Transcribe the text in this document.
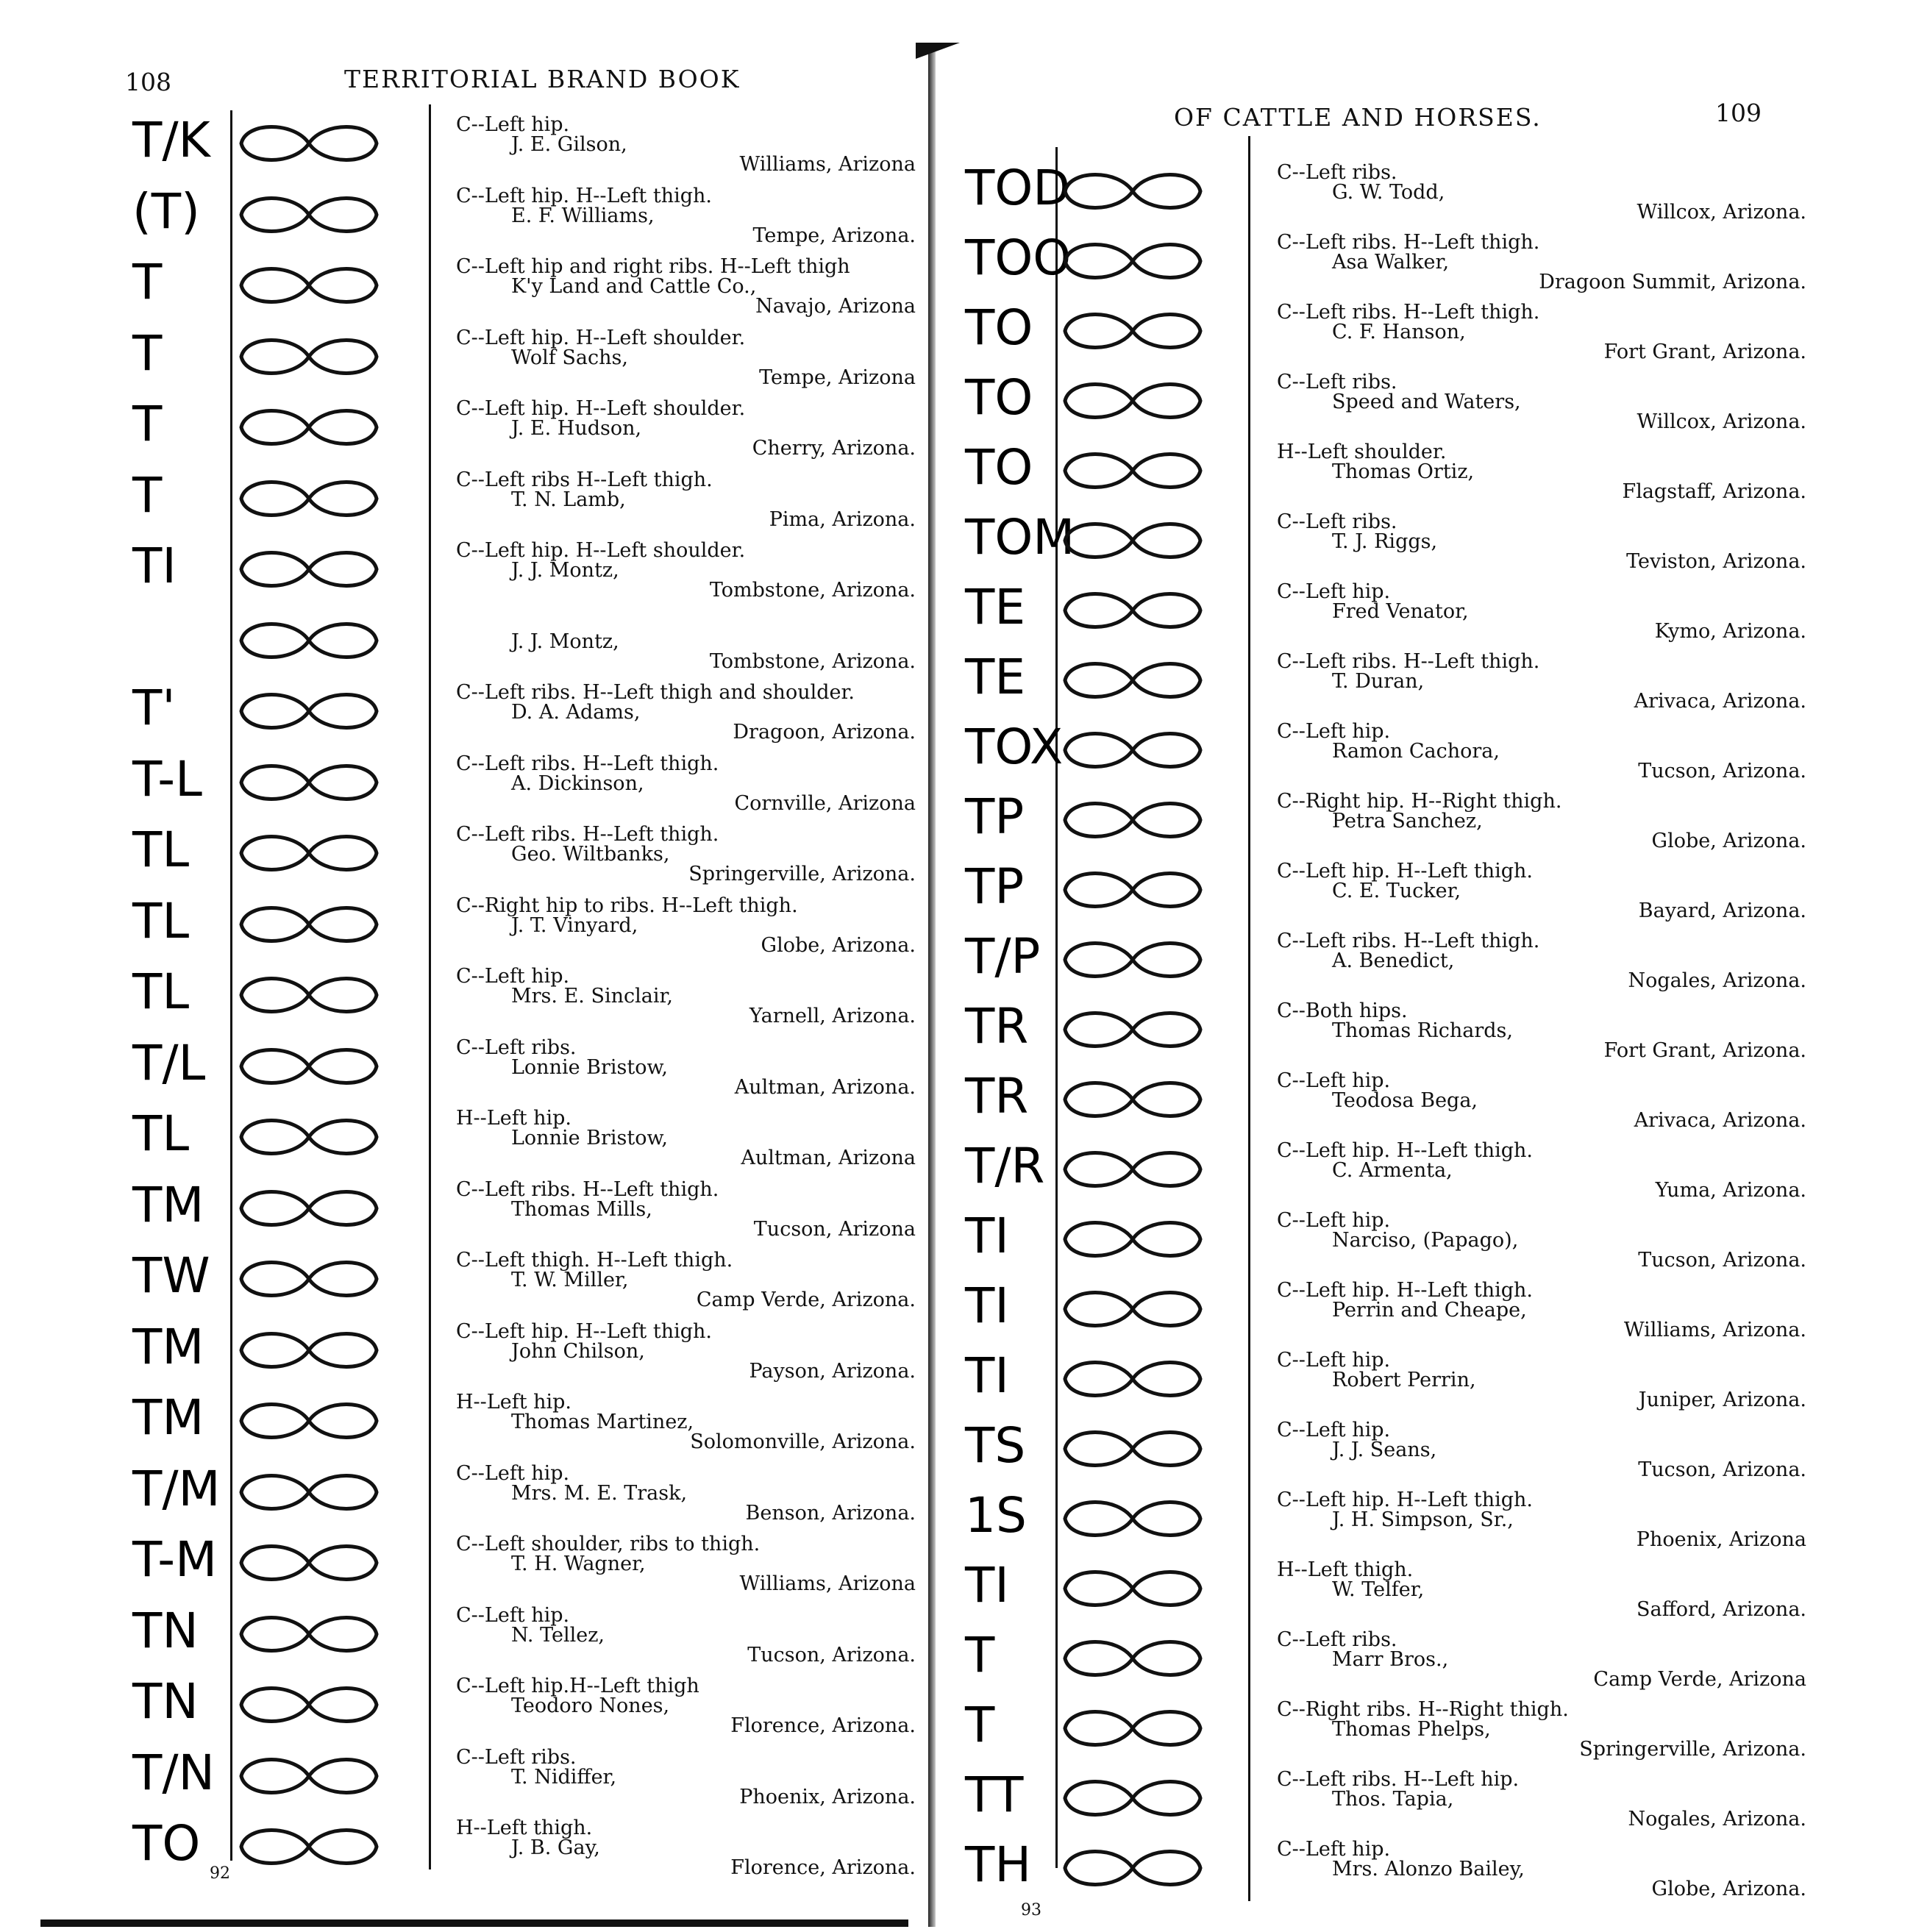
108	TERRITORIAL BRAND BOOK
T/K	C--Left hip.
J. E. Gilson,
Williams, Arizona
(T)	C--Left hip. H--Left thigh.
E. F. Williams,
Tempe, Arizona.
T	C--Left hip and right ribs. H--Left thigh
K'y Land and Cattle Co.,
Navajo, Arizona
T	C--Left hip. H--Left shoulder.
Wolf Sachs,
Tempe, Arizona
T	C--Left hip. H--Left shoulder.
J. E. Hudson,
Cherry, Arizona.
T	C--Left ribs H--Left thigh.
T. N. Lamb,
Pima, Arizona.
TI	C--Left hip. H--Left shoulder.
J. J. Montz,
Tombstone, Arizona.

J. J. Montz,
Tombstone, Arizona.
T'	C--Left ribs. H--Left thigh and shoulder.
D. A. Adams,
Dragoon, Arizona.
T-L	C--Left ribs. H--Left thigh.
A. Dickinson,
Cornville, Arizona
TL	C--Left ribs. H--Left thigh.
Geo. Wiltbanks,
Springerville, Arizona.
TL	C--Right hip to ribs. H--Left thigh.
J. T. Vinyard,
Globe, Arizona.
TL	C--Left hip.
Mrs. E. Sinclair,
Yarnell, Arizona.
T/L	C--Left ribs.
Lonnie Bristow,
Aultman, Arizona.
TL	H--Left hip.
Lonnie Bristow,
Aultman, Arizona
TM	C--Left ribs. H--Left thigh.
Thomas Mills,
Tucson, Arizona
TW	C--Left thigh. H--Left thigh.
T. W. Miller,
Camp Verde, Arizona.
TM	C--Left hip. H--Left thigh.
John Chilson,
Payson, Arizona.
TM	H--Left hip.
Thomas Martinez,
Solomonville, Arizona.
T/M	C--Left hip.
Mrs. M. E. Trask,
Benson, Arizona.
T-M	C--Left shoulder, ribs to thigh.
T. H. Wagner,
Williams, Arizona
TN	C--Left hip.
N. Tellez,
Tucson, Arizona.
TN	C--Left hip.H--Left thigh
Teodoro Nones,
Florence, Arizona.
T/N	C--Left ribs.
T. Nidiffer,
Phoenix, Arizona.
TO	H--Left thigh.
J. B. Gay,
Florence, Arizona.
92
OF CATTLE AND HORSES.	109
TOD	C--Left ribs.
G. W. Todd,
Willcox, Arizona.
TOO	C--Left ribs. H--Left thigh.
Asa Walker,
Dragoon Summit, Arizona.
TO	C--Left ribs. H--Left thigh.
C. F. Hanson,
Fort Grant, Arizona.
TO	C--Left ribs.
Speed and Waters,
Willcox, Arizona.
TO	H--Left shoulder.
Thomas Ortiz,
Flagstaff, Arizona.
TOM	C--Left ribs.
T. J. Riggs,
Teviston, Arizona.
TE	C--Left hip.
Fred Venator,
Kymo, Arizona.
TE	C--Left ribs. H--Left thigh.
T. Duran,
Arivaca, Arizona.
TOX	C--Left hip.
Ramon Cachora,
Tucson, Arizona.
TP	C--Right hip. H--Right thigh.
Petra Sanchez,
Globe, Arizona.
TP	C--Left hip. H--Left thigh.
C. E. Tucker,
Bayard, Arizona.
T/P	C--Left ribs. H--Left thigh.
A. Benedict,
Nogales, Arizona.
TR	C--Both hips.
Thomas Richards,
Fort Grant, Arizona.
TR	C--Left hip.
Teodosa Bega,
Arivaca, Arizona.
T/R	C--Left hip. H--Left thigh.
C. Armenta,
Yuma, Arizona.
TI	C--Left hip.
Narciso, (Papago),
Tucson, Arizona.
TI	C--Left hip. H--Left thigh.
Perrin and Cheape,
Williams, Arizona.
TI	C--Left hip.
Robert Perrin,
Juniper, Arizona.
TS	C--Left hip.
J. J. Seans,
Tucson, Arizona.
1S	C--Left hip. H--Left thigh.
J. H. Simpson, Sr.,
Phoenix, Arizona
TI	H--Left thigh.
W. Telfer,
Safford, Arizona.
T	C--Left ribs.
Marr Bros.,
Camp Verde, Arizona
T	C--Right ribs. H--Right thigh.
Thomas Phelps,
Springerville, Arizona.
TT	C--Left ribs. H--Left hip.
Thos. Tapia,
Nogales, Arizona.
TH	C--Left hip.
Mrs. Alonzo Bailey,
Globe, Arizona.
93
